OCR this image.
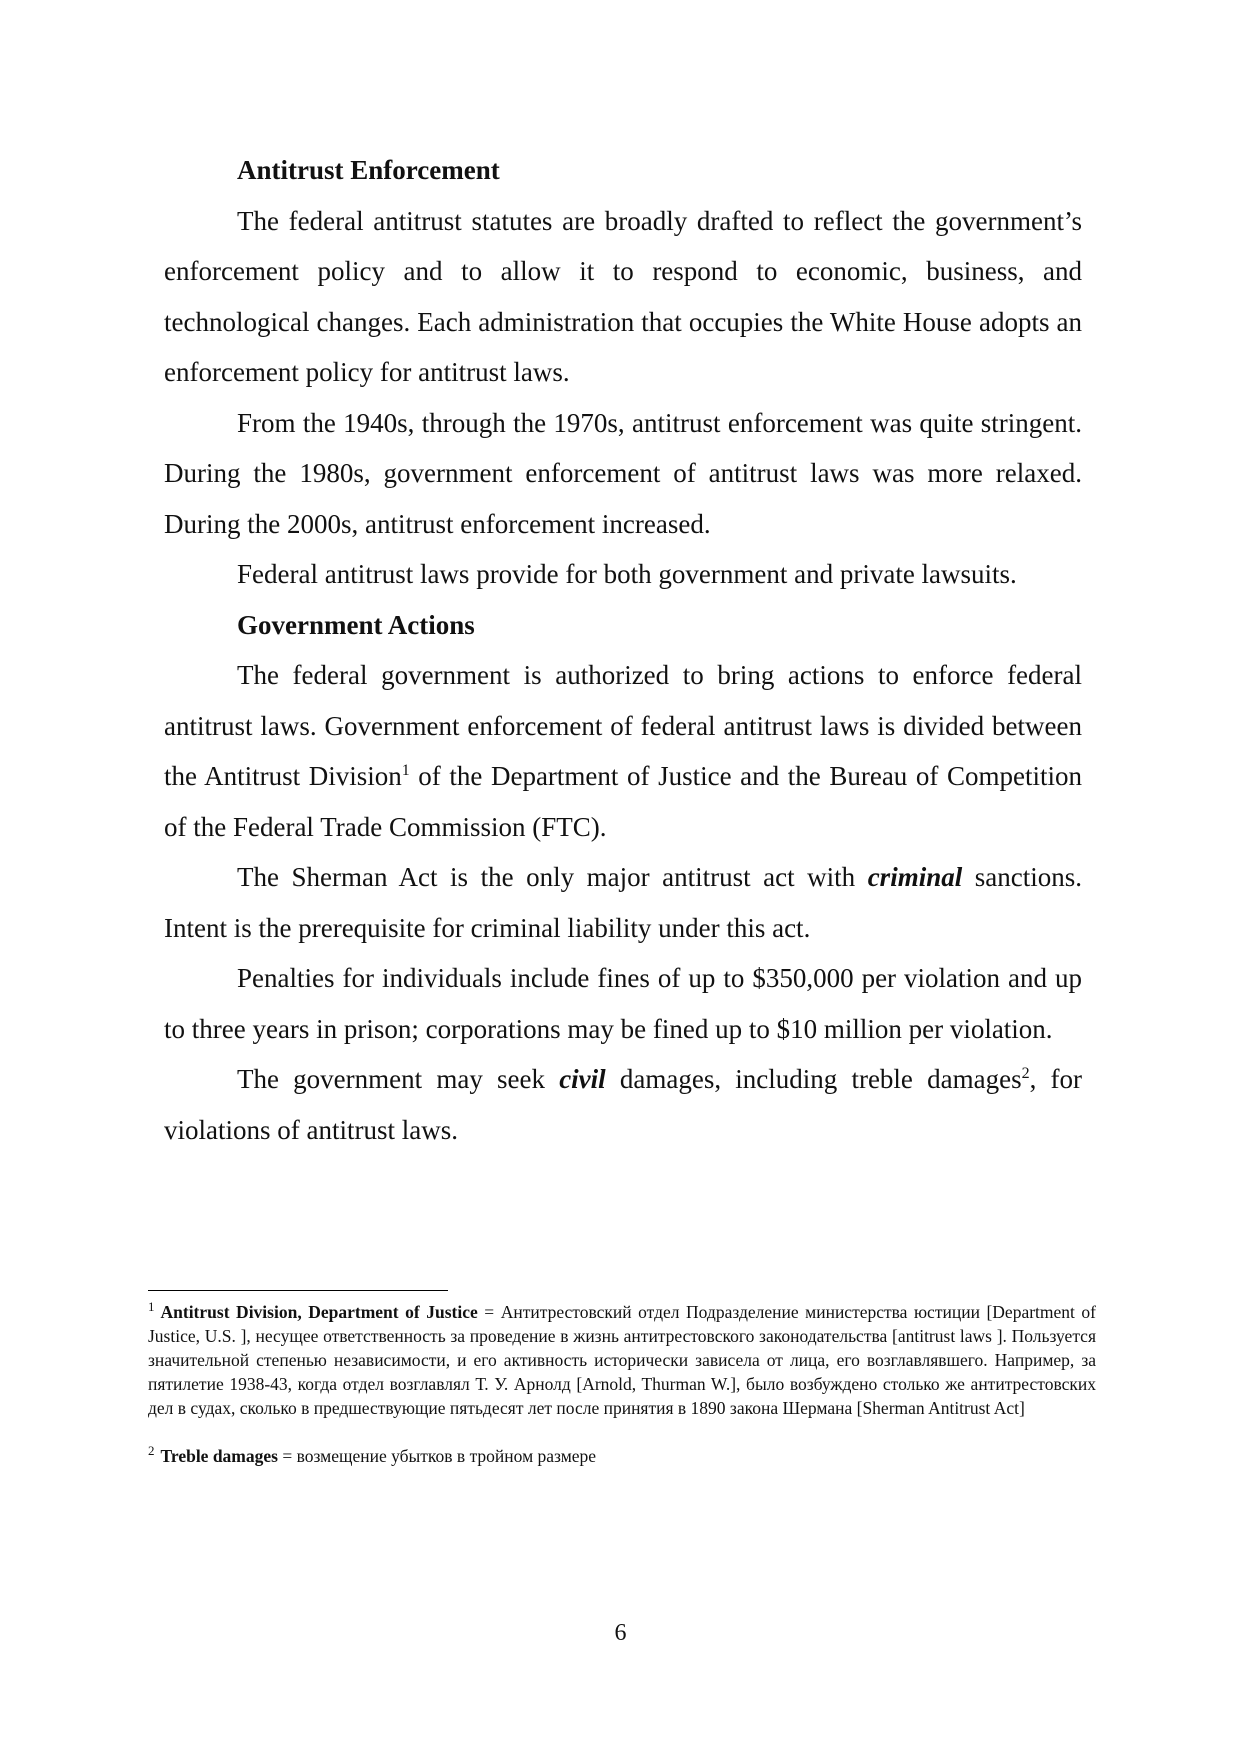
Antitrust Enforcement

The federal antitrust statutes are broadly drafted to reflect the government’s enforcement policy and to allow it to respond to economic, business, and technological changes. Each administration that occupies the White House adopts an enforcement policy for antitrust laws.

From the 1940s, through the 1970s, antitrust enforcement was quite stringent. During the 1980s, government enforcement of antitrust laws was more relaxed. During the 2000s, antitrust enforcement increased.

Federal antitrust laws provide for both government and private lawsuits.

Government Actions

The federal government is authorized to bring actions to enforce federal antitrust laws. Government enforcement of federal antitrust laws is divided between the Antitrust Division$^1$ of the Department of Justice and the Bureau of Competition of the Federal Trade Commission (FTC).

The Sherman Act is the only major antitrust act with criminal sanctions. Intent is the prerequisite for criminal liability under this act.

Penalties for individuals include fines of up to $350,000 per violation and up to three years in prison; corporations may be fined up to $10 million per violation.

The government may seek civil damages, including treble damages$^2$, for violations of antitrust laws.

$^1$ Antitrust Division, Department of Justice = Антитрестовский отдел Подразделение министерства юстиции [Department of Justice, U.S. ], несущее ответственность за проведение в жизнь антитрестовского законодательства [antitrust laws ]. Пользуется значительной степенью независимости, и его активность исторически зависела от лица, его возглавлявшего. Например, за пятилетие 1938-43, когда отдел возглавлял Т. У. Арнолд [Arnold, Thurman W.], было возбуждено столько же антитрестовских дел в судах, сколько в предшествующие пятьдесят лет после принятия в 1890 закона Шермана [Sherman Antitrust Act]

$^2$ Treble damages = возмещение убытков в тройном размере

6
